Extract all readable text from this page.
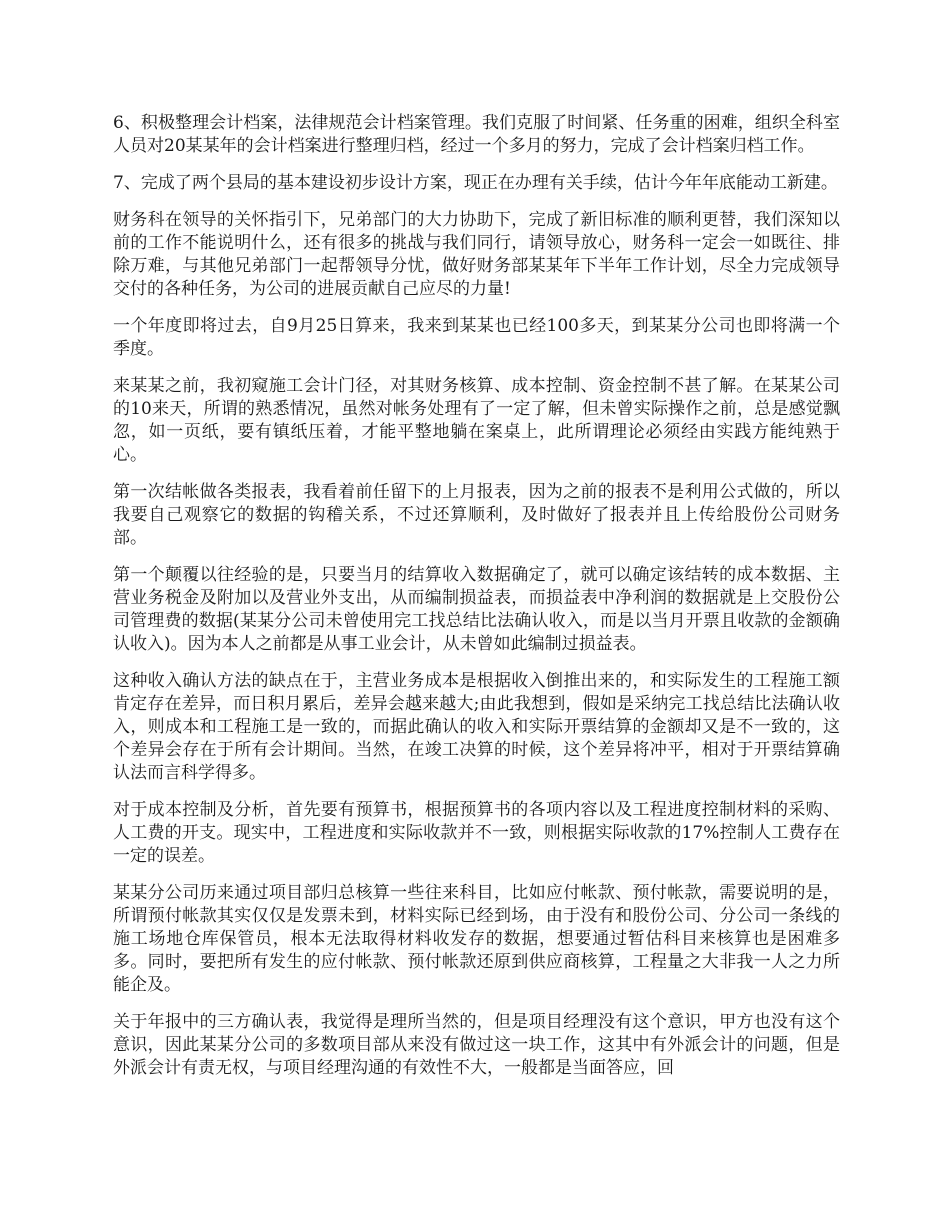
6、积极整理会计档案，法律规范会计档案管理。我们克服了时间紧、任务重的困难，组织全科室人员对20某某年的会计档案进行整理归档，经过一个多月的努力，完成了会计档案归档工作。

7、完成了两个县局的基本建设初步设计方案，现正在办理有关手续，估计今年年底能动工新建。

财务科在领导的关怀指引下，兄弟部门的大力协助下，完成了新旧标准的顺利更替，我们深知以前的工作不能说明什么，还有很多的挑战与我们同行，请领导放心，财务科一定会一如既往、排除万难，与其他兄弟部门一起帮领导分忧，做好财务部某某年下半年工作计划，尽全力完成领导交付的各种任务，为公司的进展贡献自己应尽的力量!

一个年度即将过去，自9月25日算来，我来到某某也已经100多天，到某某分公司也即将满一个季度。

来某某之前，我初窥施工会计门径，对其财务核算、成本控制、资金控制不甚了解。在某某公司的10来天，所谓的熟悉情况，虽然对帐务处理有了一定了解，但未曾实际操作之前，总是感觉飘忽，如一页纸，要有镇纸压着，才能平整地躺在案桌上，此所谓理论必须经由实践方能纯熟于心。

第一次结帐做各类报表，我看着前任留下的上月报表，因为之前的报表不是利用公式做的，所以我要自己观察它的数据的钩稽关系，不过还算顺利，及时做好了报表并且上传给股份公司财务部。

第一个颠覆以往经验的是，只要当月的结算收入数据确定了，就可以确定该结转的成本数据、主营业务税金及附加以及营业外支出，从而编制损益表，而损益表中净利润的数据就是上交股份公司管理费的数据(某某分公司未曾使用完工找总结比法确认收入，而是以当月开票且收款的金额确认收入)。因为本人之前都是从事工业会计，从未曾如此编制过损益表。

这种收入确认方法的缺点在于，主营业务成本是根据收入倒推出来的，和实际发生的工程施工额肯定存在差异，而日积月累后，差异会越来越大;由此我想到，假如是采纳完工找总结比法确认收入，则成本和工程施工是一致的，而据此确认的收入和实际开票结算的金额却又是不一致的，这个差异会存在于所有会计期间。当然，在竣工决算的时候，这个差异将冲平，相对于开票结算确认法而言科学得多。

对于成本控制及分析，首先要有预算书，根据预算书的各项内容以及工程进度控制材料的采购、人工费的开支。现实中，工程进度和实际收款并不一致，则根据实际收款的17%控制人工费存在一定的误差。

某某分公司历来通过项目部归总核算一些往来科目，比如应付帐款、预付帐款，需要说明的是，所谓预付帐款其实仅仅是发票未到，材料实际已经到场，由于没有和股份公司、分公司一条线的施工场地仓库保管员，根本无法取得材料收发存的数据，想要通过暂估科目来核算也是困难多多。同时，要把所有发生的应付帐款、预付帐款还原到供应商核算，工程量之大非我一人之力所能企及。

关于年报中的三方确认表，我觉得是理所当然的，但是项目经理没有这个意识，甲方也没有这个意识，因此某某分公司的多数项目部从来没有做过这一块工作，这其中有外派会计的问题，但是外派会计有责无权，与项目经理沟通的有效性不大，一般都是当面答应，回
